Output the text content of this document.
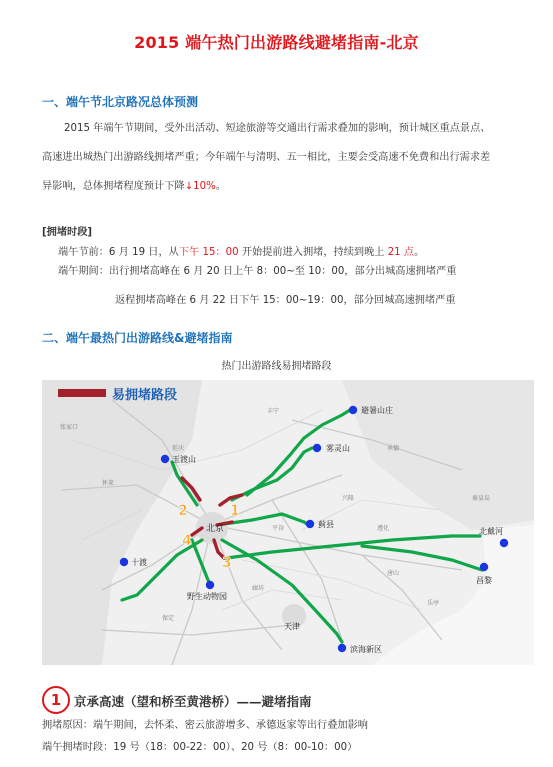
2015 端午热门出游路线避堵指南-北京
一、端午节北京路况总体预测
2015 年端午节期间，受外出活动、短途旅游等交通出行需求叠加的影响，预计城区重点景点、高速进出城热门出游路线拥堵严重；今年端午与清明、五一相比，主要会受高速不免费和出行需求差异影响，总体拥堵程度预计下降↓10%。
[拥堵时段]
端午节前：6 月 19 日，从下午 15：00 开始提前进入拥堵，持续到晚上 21 点。
端午期间：出行拥堵高峰在 6 月 20 日上午 8：00~至 10：00，部分出城高速拥堵严重
返程拥堵高峰在 6 月 22 日下午 15：00~19：00，部分回城高速拥堵严重
二、端午最热门出游路线&避堵指南
热门出游路线易拥堵路段
易拥堵路段
张家口
丰宁
延庆
怀来
承德
兴隆
平谷	遵化
唐山
廊坊
保定
秦皇岛
乐亭
避暑山庄
雾灵山
玉渡山
蓟县
北戴河
十渡
昌黎
野生动物园
滨海新区
北京
天津
1
2
3
4
1	京承高速（望和桥至黄港桥）——避堵指南
拥堵原因：端午期间，去怀柔、密云旅游增多、承德返家等出行叠加影响
端午拥堵时段：19 号（18：00-22：00）、20 号（8：00-10：00）
